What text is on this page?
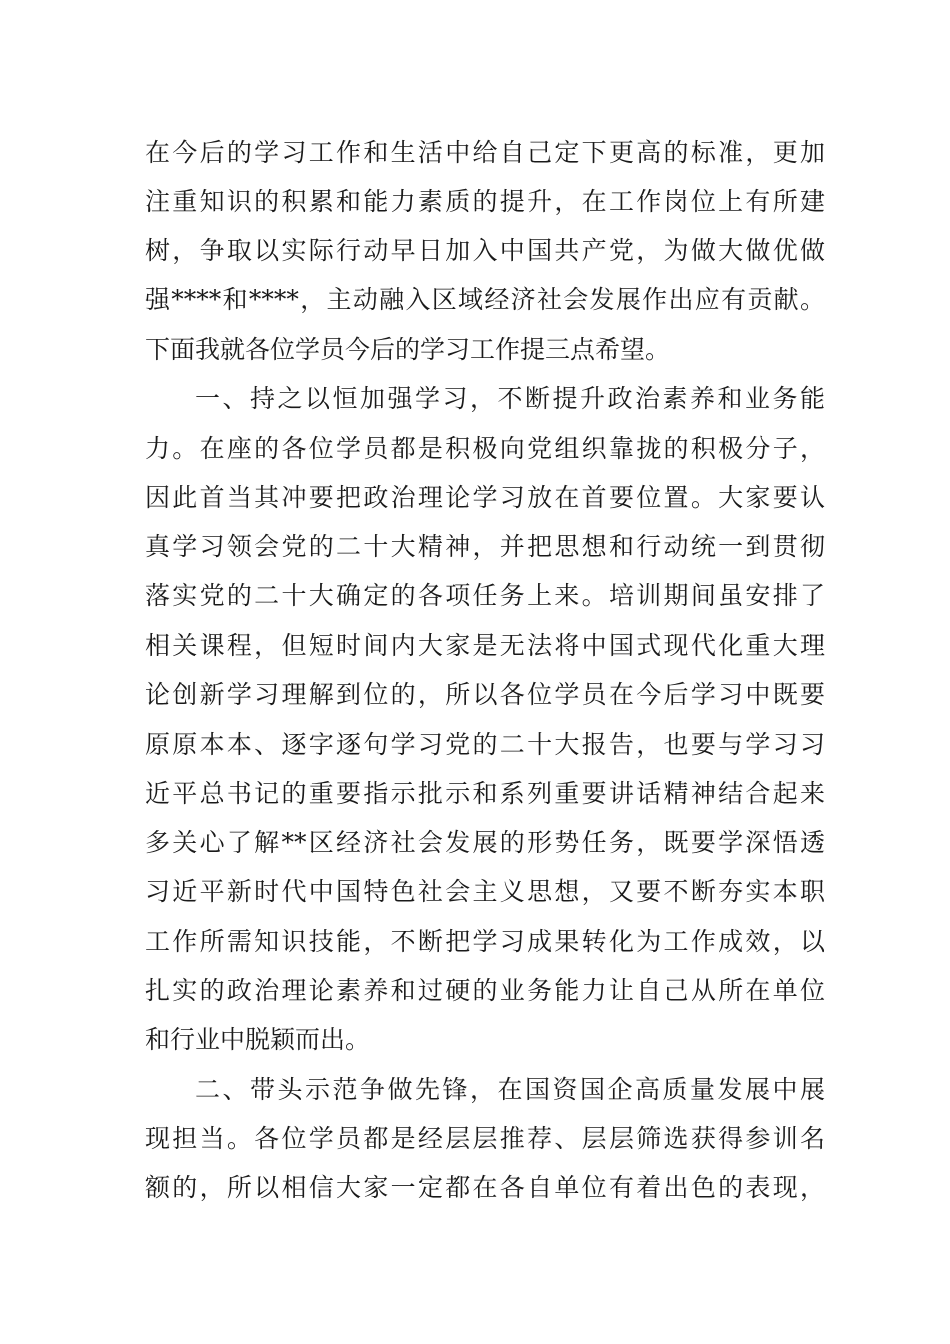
在今后的学习工作和生活中给自己定下更高的标准，更加
注重知识的积累和能力素质的提升，在工作岗位上有所建
树，争取以实际行动早日加入中国共产党，为做大做优做
强****和****，主动融入区域经济社会发展作出应有贡献。
下面我就各位学员今后的学习工作提三点希望。
一、持之以恒加强学习，不断提升政治素养和业务能
力。在座的各位学员都是积极向党组织靠拢的积极分子，
因此首当其冲要把政治理论学习放在首要位置。大家要认
真学习领会党的二十大精神，并把思想和行动统一到贯彻
落实党的二十大确定的各项任务上来。培训期间虽安排了
相关课程，但短时间内大家是无法将中国式现代化重大理
论创新学习理解到位的，所以各位学员在今后学习中既要
原原本本、逐字逐句学习党的二十大报告，也要与学习习
近平总书记的重要指示批示和系列重要讲话精神结合起来
多关心了解**区经济社会发展的形势任务，既要学深悟透
习近平新时代中国特色社会主义思想，又要不断夯实本职
工作所需知识技能，不断把学习成果转化为工作成效，以
扎实的政治理论素养和过硬的业务能力让自己从所在单位
和行业中脱颖而出。
二、带头示范争做先锋，在国资国企高质量发展中展
现担当。各位学员都是经层层推荐、层层筛选获得参训名
额的，所以相信大家一定都在各自单位有着出色的表现，
